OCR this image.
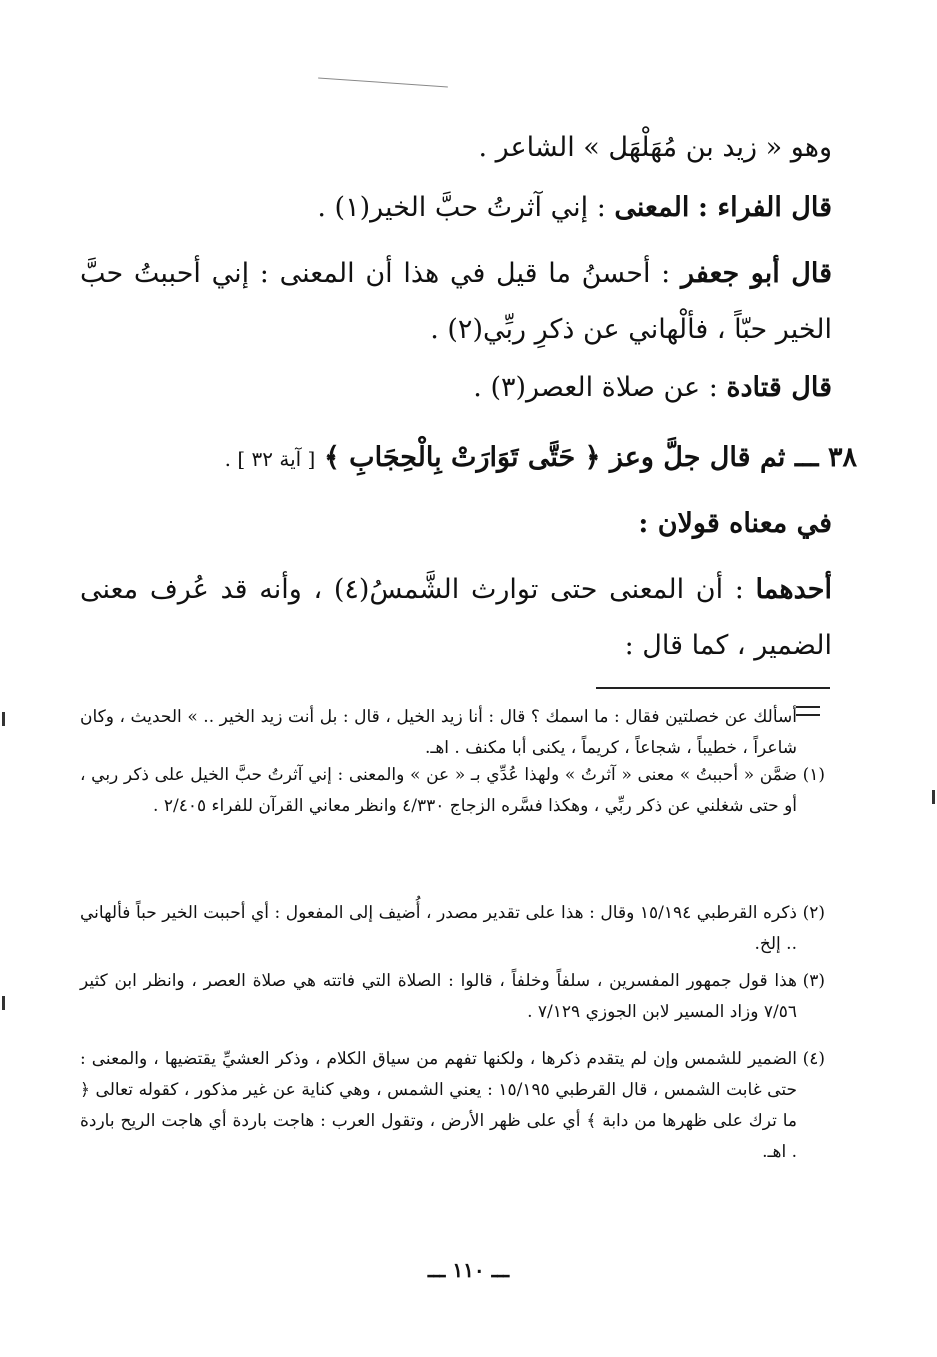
وهو « زيد بن مُهَلْهَل » الشاعر .
قال الفراء : المعنى : إني آثرتُ حبَّ الخير(١) .
قال أبو جعفر : أحسنُ ما قيل في هذا أن المعنى : إني أحببتُ حبَّ الخير حبّاً ، فألْهاني عن ذكرِ ربِّي(٢) .
قال قتادة : عن صلاة العصر(٣) .
٣٨ ـــ ثم قال جلَّ وعز ﴿ حَتَّى تَوَارَتْ بِالْحِجَابِ ﴾ [ آية ٣٢ ] .
في معناه قولان :
أحدهما : أن المعنى حتى توارث الشَّمسُ(٤) ، وأنه قد عُرف معنى الضمير ، كما قال :
أسألك عن خصلتين فقال : ما اسمك ؟ قال : أنا زيد الخيل ، قال : بل أنت زيد الخير .. » الحديث ، وكان شاعراً ، خطيباً ، شجاعاً ، كريماً ، يكنى أبا مكنف . اهـ.
(١)
ضمَّن « أحببتُ » معنى « آثرتُ » ولهذا عُدِّي بـ « عن » والمعنى : إني آثرتُ حبَّ الخيل على ذكر ربي ، أو حتى شغلني عن ذكر ربِّي ، وهكذا فسَّره الزجاج ٤/٣٣٠ وانظر معاني القرآن للفراء ٢/٤٠٥ .
(٢)
ذكره القرطبي ١٥/١٩٤ وقال : هذا على تقدير مصدر ، أُضيف إلى المفعول : أي أحببت الخير حباً فألهاني .. إلخ.
(٣)
هذا قول جمهور المفسرين ، سلفاً وخلفاً ، قالوا : الصلاة التي فاتته هي صلاة العصر ، وانظر ابن كثير ٧/٥٦ وزاد المسير لابن الجوزي ٧/١٢٩ .
(٤)
الضمير للشمس وإن لم يتقدم ذكرها ، ولكنها تفهم من سياق الكلام ، وذكر العشيِّ يقتضيها ، والمعنى : حتى غابت الشمس ، قال القرطبي ١٥/١٩٥ : يعني الشمس ، وهي كناية عن غير مذكور ، كقوله تعالى ﴿ ما ترك على ظهرها من دابة ﴾ أي على ظهر الأرض ، وتقول العرب : هاجت باردة أي هاجت الريح باردة . اهـ.
ـــ ١١٠ ـــ
